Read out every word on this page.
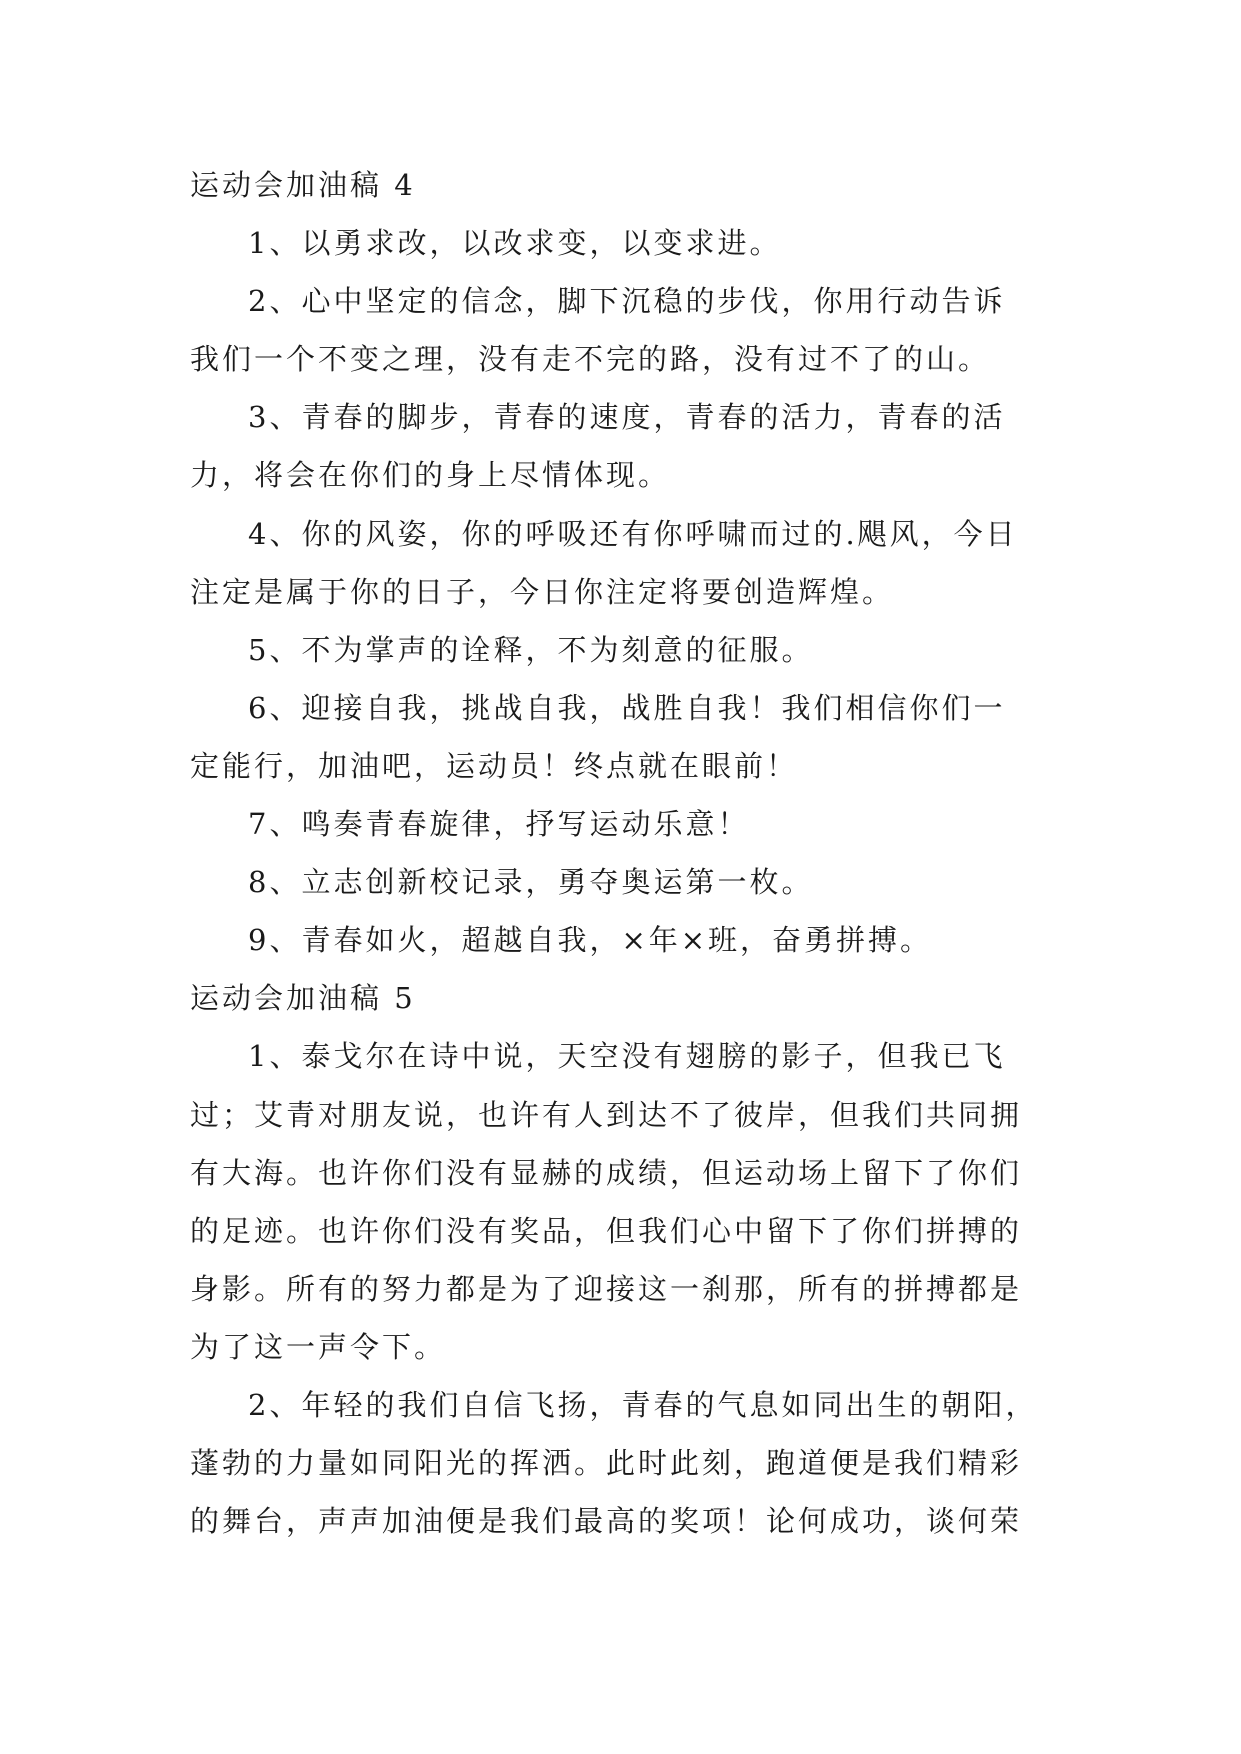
运动会加油稿 4
1、以勇求改，以改求变，以变求进。
2、心中坚定的信念，脚下沉稳的步伐，你用行动告诉
我们一个不变之理，没有走不完的路，没有过不了的山。
3、青春的脚步，青春的速度，青春的活力，青春的活
力，将会在你们的身上尽情体现。
4、你的风姿，你的呼吸还有你呼啸而过的.飓风，今日
注定是属于你的日子，今日你注定将要创造辉煌。
5、不为掌声的诠释，不为刻意的征服。
6、迎接自我，挑战自我，战胜自我！我们相信你们一
定能行，加油吧，运动员！终点就在眼前！
7、鸣奏青春旋律，抒写运动乐意！
8、立志创新校记录，勇夺奥运第一枚。
9、青春如火，超越自我，×年×班，奋勇拼搏。
运动会加油稿 5
1、泰戈尔在诗中说，天空没有翅膀的影子，但我已飞
过；艾青对朋友说，也许有人到达不了彼岸，但我们共同拥
有大海。也许你们没有显赫的成绩，但运动场上留下了你们
的足迹。也许你们没有奖品，但我们心中留下了你们拼搏的
身影。所有的努力都是为了迎接这一刹那，所有的拼搏都是
为了这一声令下。
2、年轻的我们自信飞扬，青春的气息如同出生的朝阳，
蓬勃的力量如同阳光的挥洒。此时此刻，跑道便是我们精彩
的舞台，声声加油便是我们最高的奖项！论何成功，谈何荣
